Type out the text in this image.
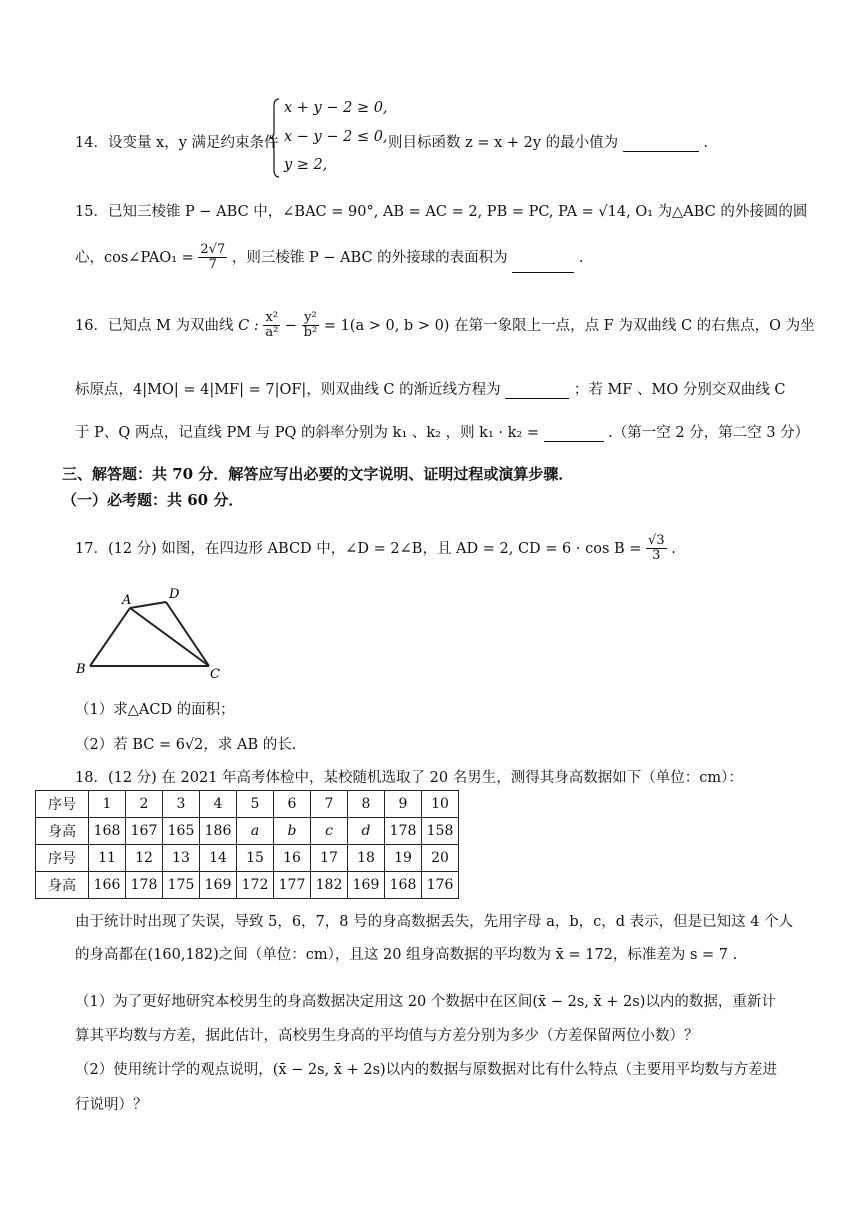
14．设变量 x，y 满足约束条件
x + y − 2 ≥ 0,
x − y − 2 ≤ 0,
y ≥ 2,
则目标函数 z = x + 2y 的最小值为	.
15．已知三棱锥 P − ABC 中，∠BAC = 90°, AB = AC = 2, PB = PC, PA = √14, O₁ 为△ABC 的外接圆的圆
心，cos∠PAO₁ = $\frac{2√7}{7}$ ，则三棱锥 P − ABC 的外接球的表面积为	.
16．已知点 M 为双曲线 C : $\frac{\text{x²}}{\text{a²}} - \frac{\text{y²}}{\text{b²}} = 1(a > 0$, b > 0) 在第一象限上一点，点 F 为双曲线 C 的右焦点，O 为坐
标原点，4|MO| = 4|MF| = 7|OF|，则双曲线 C 的渐近线方程为	；若 MF 、MO 分别交双曲线 C
于 P、Q 两点，记直线 PM 与 PQ 的斜率分别为 k₁ 、k₂ ，则 k₁ · k₂ =	.（第一空 2 分，第二空 3 分）
三、解答题：共 70 分．解答应写出必要的文字说明、证明过程或演算步骤．
（一）必考题：共 60 分．
17．(12 分) 如图，在四边形 ABCD 中，∠D = 2∠B，且 AD = 2, CD = $6 \cdot \cos B = \frac{√3}{3}$ .
A	D
B	C
（1）求△ACD 的面积；
（2）若 BC = 6√2，求 AB 的长.
18．(12 分) 在 2021 年高考体检中，某校随机选取了 20 名男生，测得其身高数据如下（单位：cm）：
序号	1	2	3	4	5	6	7	8	9	10
身高	168	167	165	186	a	b	c	d	178	158
序号	11	12	13	14	15	16	17	18	19	20
身高	166	178	175	169	172	177	182	169	168	176
由于统计时出现了失误，导致 5，6，7，8 号的身高数据丢失，先用字母 a，b，c，d 表示，但是已知这 4 个人
的身高都在(160,182)之间（单位：cm），且这 20 组身高数据的平均数为 x̄ = 172，标准差为 s = 7 .
（1）为了更好地研究本校男生的身高数据决定用这 20 个数据中在区间(x̄ − 2s, x̄ + 2s)以内的数据，重新计
算其平均数与方差，据此估计，高校男生身高的平均值与方差分别为多少（方差保留两位小数）？
（2）使用统计学的观点说明，(x̄ − 2s, x̄ + 2s)以内的数据与原数据对比有什么特点（主要用平均数与方差进
行说明）？
